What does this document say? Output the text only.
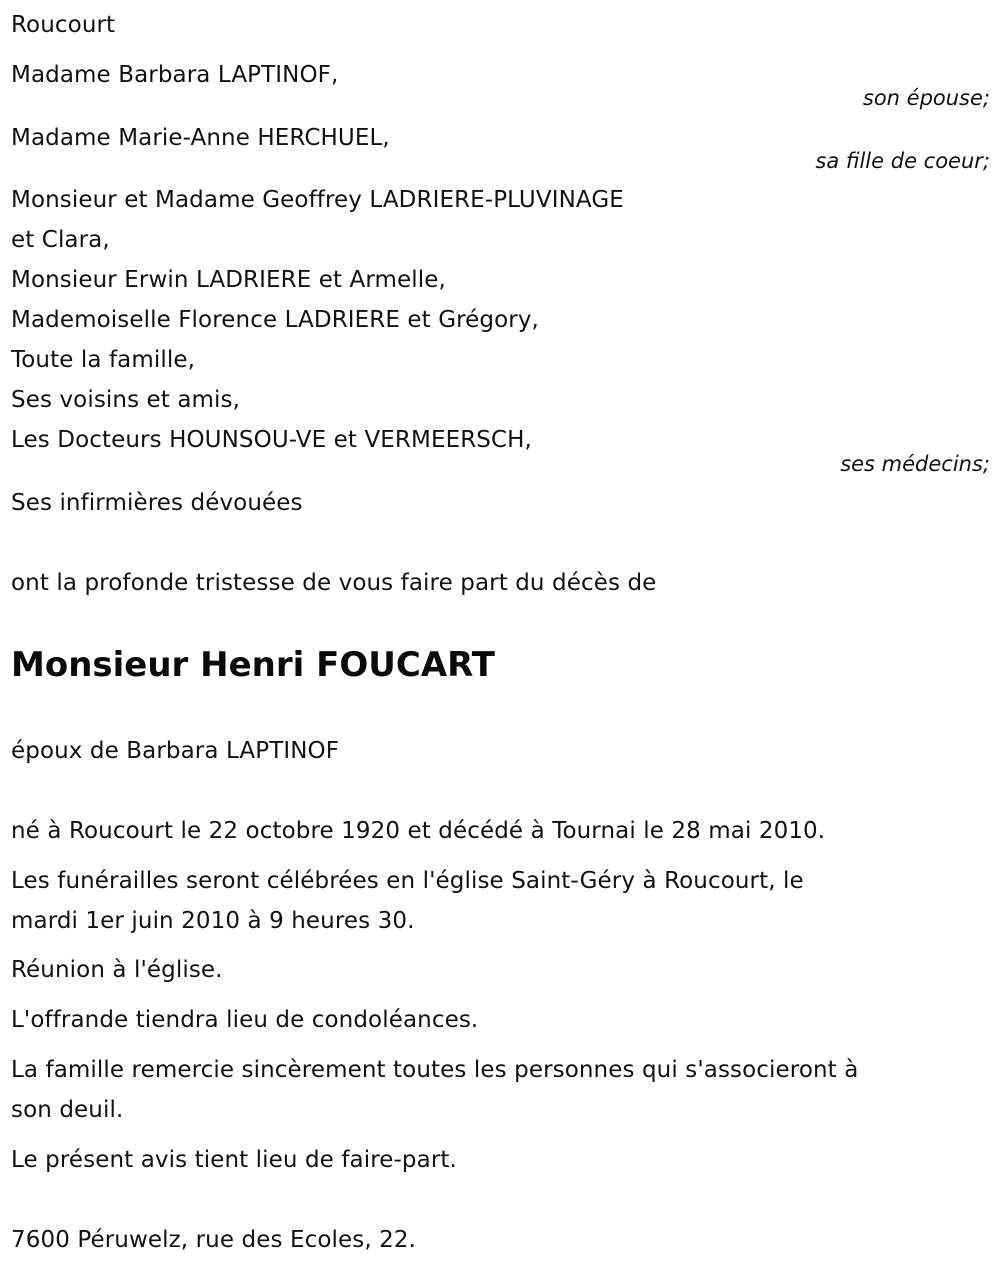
Roucourt
Madame Barbara LAPTINOF,
son épouse;
Madame Marie-Anne HERCHUEL,
sa fille de coeur;
Monsieur et Madame Geoffrey LADRIERE-PLUVINAGE
et Clara,
Monsieur Erwin LADRIERE et Armelle,
Mademoiselle Florence LADRIERE et Grégory,
Toute la famille,
Ses voisins et amis,
Les Docteurs HOUNSOU-VE et VERMEERSCH,
ses médecins;
Ses infirmières dévouées
ont la profonde tristesse de vous faire part du décès de
Monsieur Henri FOUCART
époux de Barbara LAPTINOF
né à Roucourt le 22 octobre 1920 et décédé à Tournai le 28 mai 2010.
Les funérailles seront célébrées en l'église Saint-Géry à Roucourt, le
mardi 1er juin 2010 à 9 heures 30.
Réunion à l'église.
L'offrande tiendra lieu de condoléances.
La famille remercie sincèrement toutes les personnes qui s'associeront à
son deuil.
Le présent avis tient lieu de faire-part.
7600 Péruwelz, rue des Ecoles, 22.
